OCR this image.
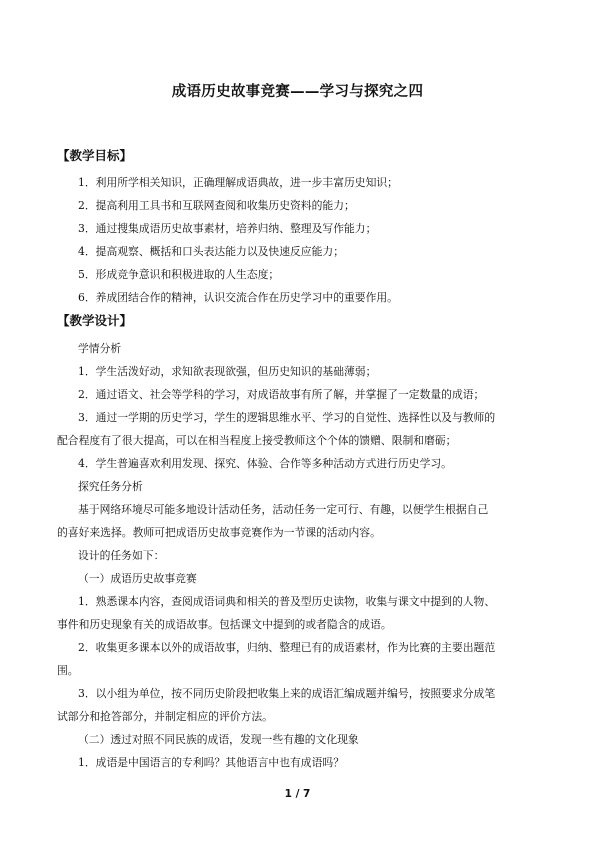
成语历史故事竞赛——学习与探究之四
【教学目标】
1．利用所学相关知识，正确理解成语典故，进一步丰富历史知识；
2．提高利用工具书和互联网查阅和收集历史资料的能力；
3．通过搜集成语历史故事素材，培养归纳、整理及写作能力；
4．提高观察、概括和口头表达能力以及快速反应能力；
5．形成竞争意识和积极进取的人生态度；
6．养成团结合作的精神，认识交流合作在历史学习中的重要作用。
【教学设计】
学情分析
1．学生活泼好动，求知欲表现欲强，但历史知识的基础薄弱；
2．通过语文、社会等学科的学习，对成语故事有所了解，并掌握了一定数量的成语；
3．通过一学期的历史学习，学生的逻辑思维水平、学习的自觉性、选择性以及与教师的
配合程度有了很大提高，可以在相当程度上接受教师这个个体的馈赠、限制和磨砺；
4．学生普遍喜欢利用发现、探究、体验、合作等多种活动方式进行历史学习。
探究任务分析
基于网络环境尽可能多地设计活动任务，活动任务一定可行、有趣，以便学生根据自己
的喜好来选择。教师可把成语历史故事竞赛作为一节课的活动内容。
设计的任务如下：
（一）成语历史故事竞赛
1．熟悉课本内容，查阅成语词典和相关的普及型历史读物，收集与课文中提到的人物、
事件和历史现象有关的成语故事。包括课文中提到的或者隐含的成语。
2．收集更多课本以外的成语故事，归纳、整理已有的成语素材，作为比赛的主要出题范
围。
3．以小组为单位，按不同历史阶段把收集上来的成语汇编成题并编号，按照要求分成笔
试部分和抢答部分，并制定相应的评价方法。
（二）透过对照不同民族的成语，发现一些有趣的文化现象
1．成语是中国语言的专利吗？其他语言中也有成语吗？
1 / 7
